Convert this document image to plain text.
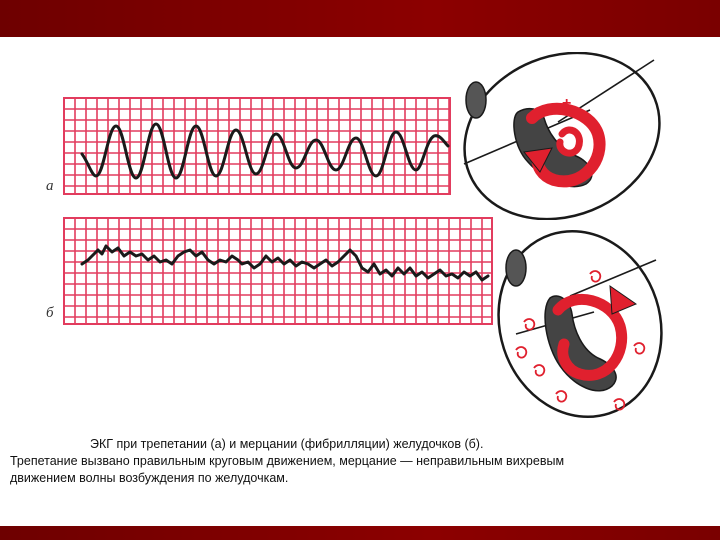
а
б
+

ЭКГ при трепетании (а) и мерцании (фибрилляции) желудочков (б).

Трепетание вызвано правильным круговым движением, мерцание — неправильным вихревым

движением волны возбуждения по желудочкам.
